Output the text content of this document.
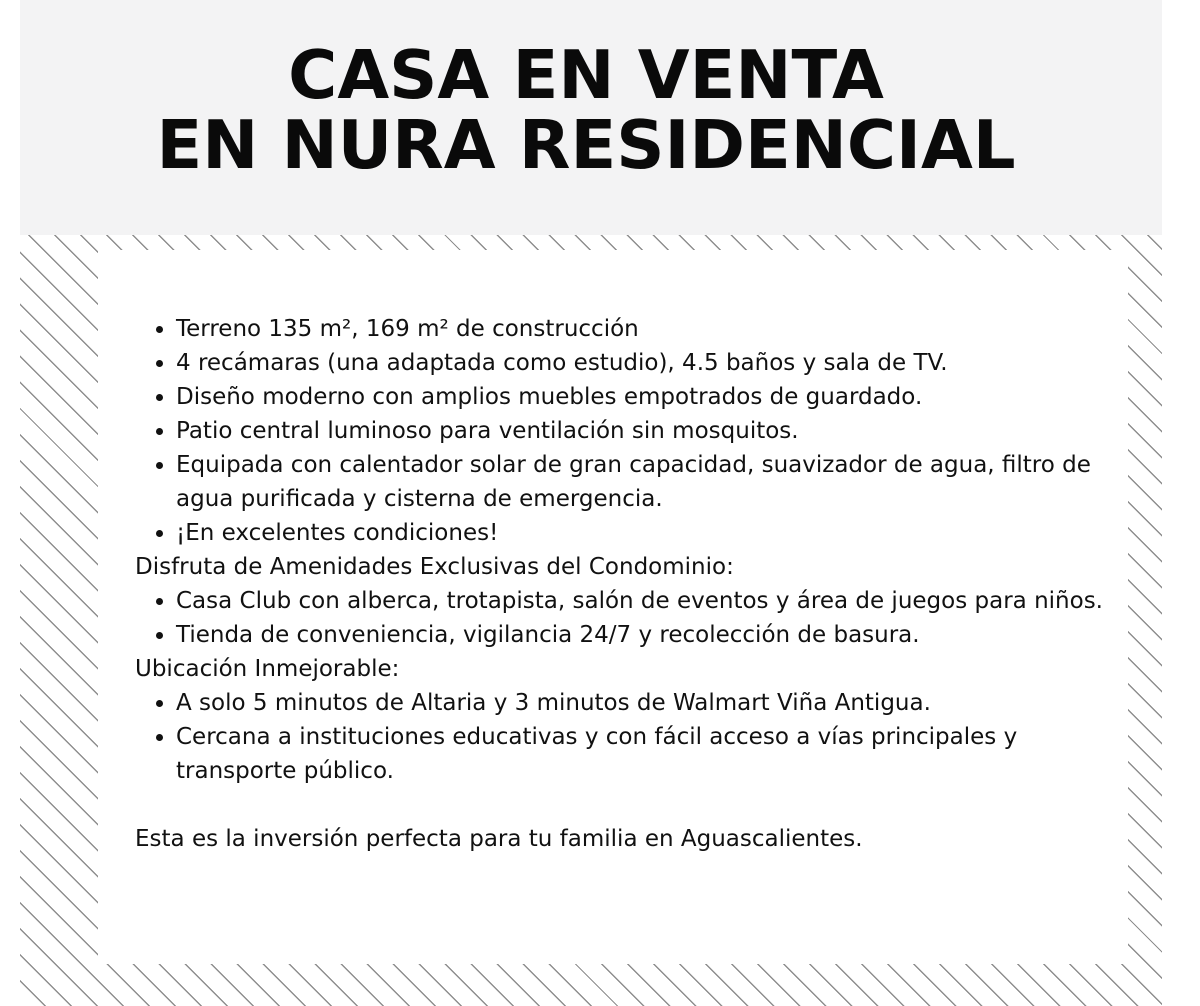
CASA EN VENTA
EN NURA RESIDENCIAL
• Terreno 135 m², 169 m² de construcción
• 4 recámaras (una adaptada como estudio), 4.5 baños y sala de TV.
• Diseño moderno con amplios muebles empotrados de guardado.
• Patio central luminoso para ventilación sin mosquitos.
• Equipada con calentador solar de gran capacidad, suavizador de agua, filtro de agua purificada y cisterna de emergencia.
• ¡En excelentes condiciones!

Disfruta de Amenidades Exclusivas del Condominio:

• Casa Club con alberca, trotapista, salón de eventos y área de juegos para niños.
• Tienda de conveniencia, vigilancia 24/7 y recolección de basura.

Ubicación Inmejorable:

• A solo 5 minutos de Altaria y 3 minutos de Walmart Viña Antigua.
• Cercana a instituciones educativas y con fácil acceso a vías principales y transporte público.

Esta es la inversión perfecta para tu familia en Aguascalientes.
